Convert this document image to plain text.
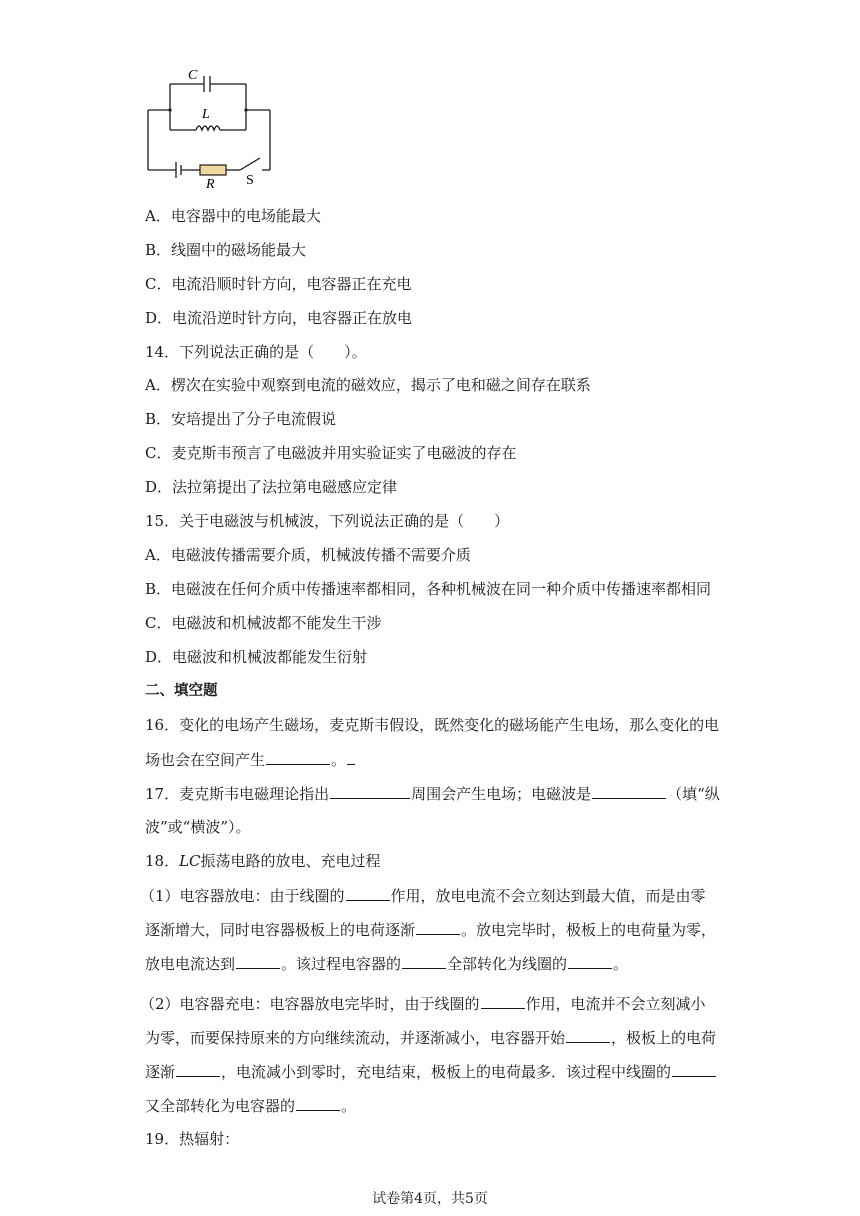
C
L
R S
A．电容器中的电场能最大
B．线圈中的磁场能最大
C．电流沿顺时针方向，电容器正在充电
D．电流沿逆时针方向，电容器正在放电
14．下列说法正确的是（　　）。
A．楞次在实验中观察到电流的磁效应，揭示了电和磁之间存在联系
B．安培提出了分子电流假说
C．麦克斯韦预言了电磁波并用实验证实了电磁波的存在
D．法拉第提出了法拉第电磁感应定律
15．关于电磁波与机械波，下列说法正确的是（　　）
A．电磁波传播需要介质，机械波传播不需要介质
B．电磁波在任何介质中传播速率都相同，各种机械波在同一种介质中传播速率都相同
C．电磁波和机械波都不能发生干涉
D．电磁波和机械波都能发生衍射
二、填空题
16．变化的电场产生磁场，麦克斯韦假设，既然变化的磁场能产生电场，那么变化的电
场也会在空间产生	。
17．麦克斯韦电磁理论指出	周围会产生电场；电磁波是	（填“纵
波”或“横波”）。
18．LC振荡电路的放电、充电过程
（1）电容器放电：由于线圈的	作用，放电电流不会立刻达到最大值，而是由零
逐渐增大，同时电容器极板上的电荷逐渐	。放电完毕时，极板上的电荷量为零，
放电电流达到	。该过程电容器的	全部转化为线圈的	。
（2）电容器充电：电容器放电完毕时，由于线圈的	作用，电流并不会立刻减小
为零，而要保持原来的方向继续流动，并逐渐减小，电容器开始	，极板上的电荷
逐渐	，电流减小到零时，充电结束，极板上的电荷最多．该过程中线圈的
又全部转化为电容器的	。
19．热辐射：
试卷第4页，共5页
